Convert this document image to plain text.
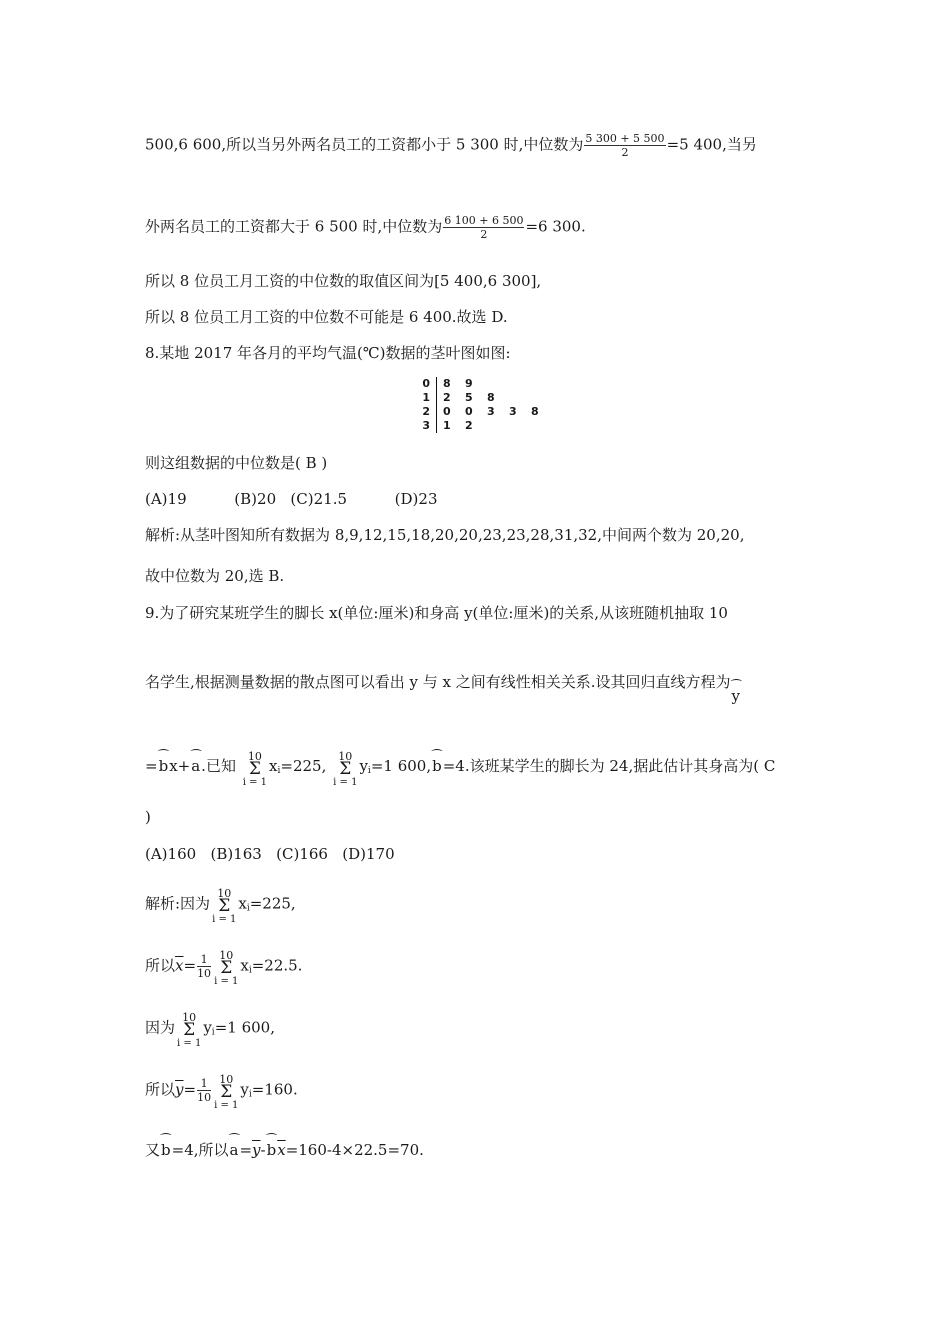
500,6 600,所以当另外两名员工的工资都小于 5 300 时,中位数为 $\frac{5 300 + 5 500}{2} =5$ 400,当另
外两名员工的工资都大于 6 500 时,中位数为 $\frac{6 100 + 6 500}{2} =6$ 300.
所以 8 位员工月工资的中位数的取值区间为[5 400,6 300],
所以 8 位员工月工资的中位数不可能是 6 400.故选 D.
8.某地 2017 年各月的平均气温(℃)数据的茎叶图如图:
0	8	9
1	2	5	8
2	0	0	3	3	8
3	1	2
则这组数据的中位数是( B )
(A)19          (B)20   (C)21.5          (D)23
解析:从茎叶图知所有数据为 8,9,12,15,18,20,20,23,23,28,31,32,中间两个数为 20,20,
故中位数为 20,选 B.
9.为了研究某班学生的脚长 x(单位:厘米)和身高 y(单位:厘米)的关系,从该班随机抽取 10
名学生,根据测量数据的散点图可以看出 y 与 x 之间有线性相关关系.设其回归直线方程为⁀ y
=⁀ bx+⁀ a.已知
10
Σ
i = 1
$x_i=225$,
10
Σ
i = 1
$y_i=1$ 600,⁀ b=4.该班某学生的脚长为 24,据此估计其身高为( C
)
(A)160   (B)163   (C)166   (D)170
解析:因为
10
Σ
i = 1
$x_i=225$,
所以$\overline{x}= \frac{1}{10} 10$
Σ
i = 1
$x_i=22.5$.
因为
10
Σ
i = 1
$y_i=1$ 600,
所以$\overline{y}= \frac{1}{10} 10$
Σ
i = 1
$y_i=160$.
又⁀ b=4,所以⁀ $a=\overline{y}-⁀$ $b\overline{x}=160-4\times 22.5=70$.
